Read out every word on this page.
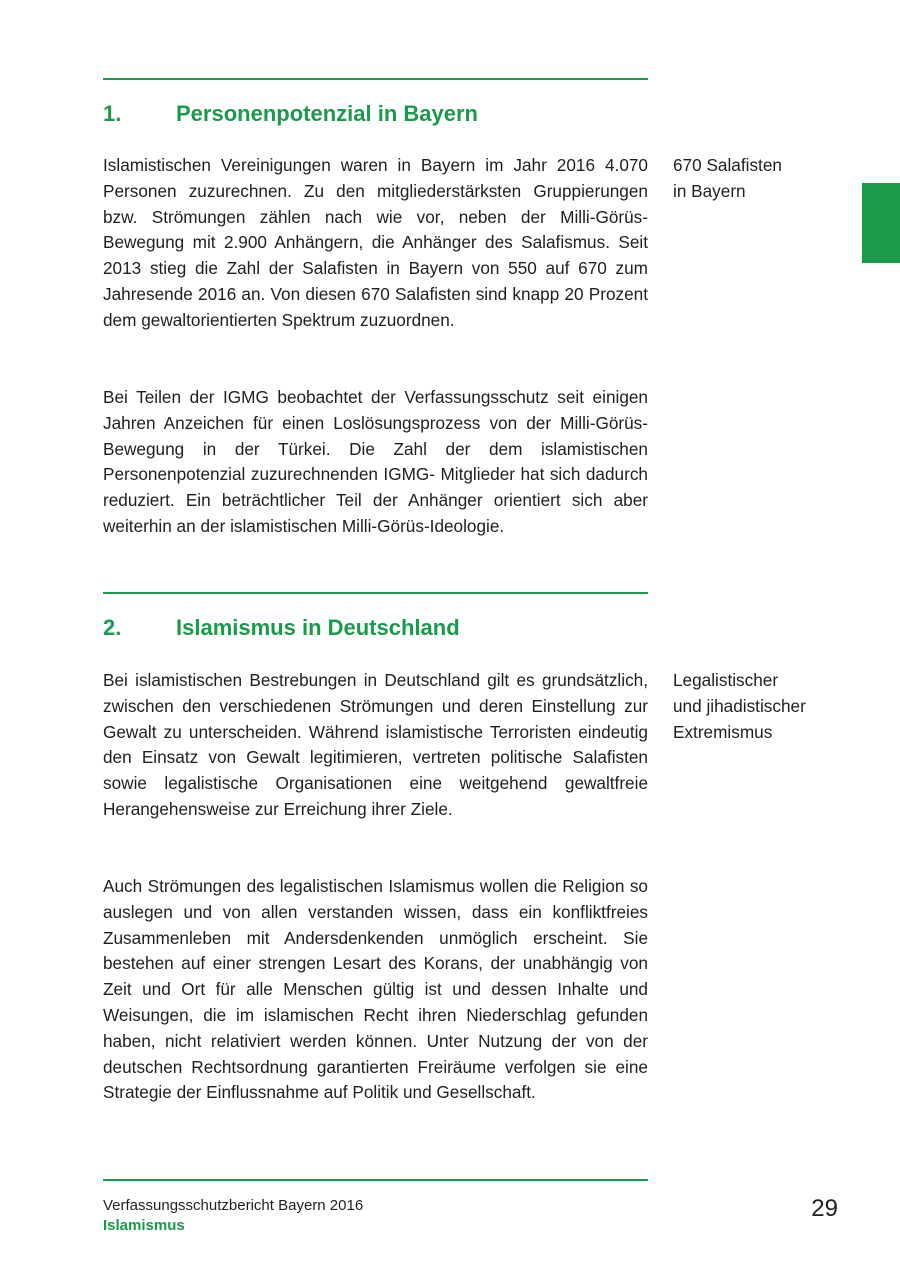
1. Personenpotenzial in Bayern

Islamistischen Vereinigungen waren in Bayern im Jahr 2016 4.070 Personen zuzurechnen. Zu den mitgliederstärksten Gruppierungen bzw. Strömungen zählen nach wie vor, neben der Milli-Görüs-Bewegung mit 2.900 Anhängern, die Anhänger des Salafismus. Seit 2013 stieg die Zahl der Salafisten in Bayern von 550 auf 670 zum Jahresende 2016 an. Von diesen 670 Salafisten sind knapp 20 Prozent dem gewaltorientierten Spektrum zuzuordnen.

Bei Teilen der IGMG beobachtet der Verfassungsschutz seit einigen Jahren Anzeichen für einen Loslösungsprozess von der Milli-Görüs-Bewegung in der Türkei. Die Zahl der dem islamistischen Personenpotenzial zuzurechnenden IGMG- Mitglieder hat sich dadurch reduziert. Ein beträchtlicher Teil der Anhänger orientiert sich aber weiterhin an der islamistischen Milli-Görüs-Ideologie.

670 Salafisten
in Bayern
2. Islamismus in Deutschland

Bei islamistischen Bestrebungen in Deutschland gilt es grundsätzlich, zwischen den verschiedenen Strömungen und deren Einstellung zur Gewalt zu unterscheiden. Während islamistische Terroristen eindeutig den Einsatz von Gewalt legitimieren, vertreten politische Salafisten sowie legalistische Organisationen eine weitgehend gewaltfreie Herangehensweise zur Erreichung ihrer Ziele.

Auch Strömungen des legalistischen Islamismus wollen die Religion so auslegen und von allen verstanden wissen, dass ein konfliktfreies Zusammenleben mit Andersdenkenden unmöglich erscheint. Sie bestehen auf einer strengen Lesart des Korans, der unabhängig von Zeit und Ort für alle Menschen gültig ist und dessen Inhalte und Weisungen, die im islamischen Recht ihren Niederschlag gefunden haben, nicht relativiert werden können. Unter Nutzung der von der deutschen Rechtsordnung garantierten Freiräume verfolgen sie eine Strategie der Einflussnahme auf Politik und Gesellschaft.

Legalistischer
und jihadistischer
Extremismus
Verfassungsschutzbericht Bayern 2016
Islamismus
29
